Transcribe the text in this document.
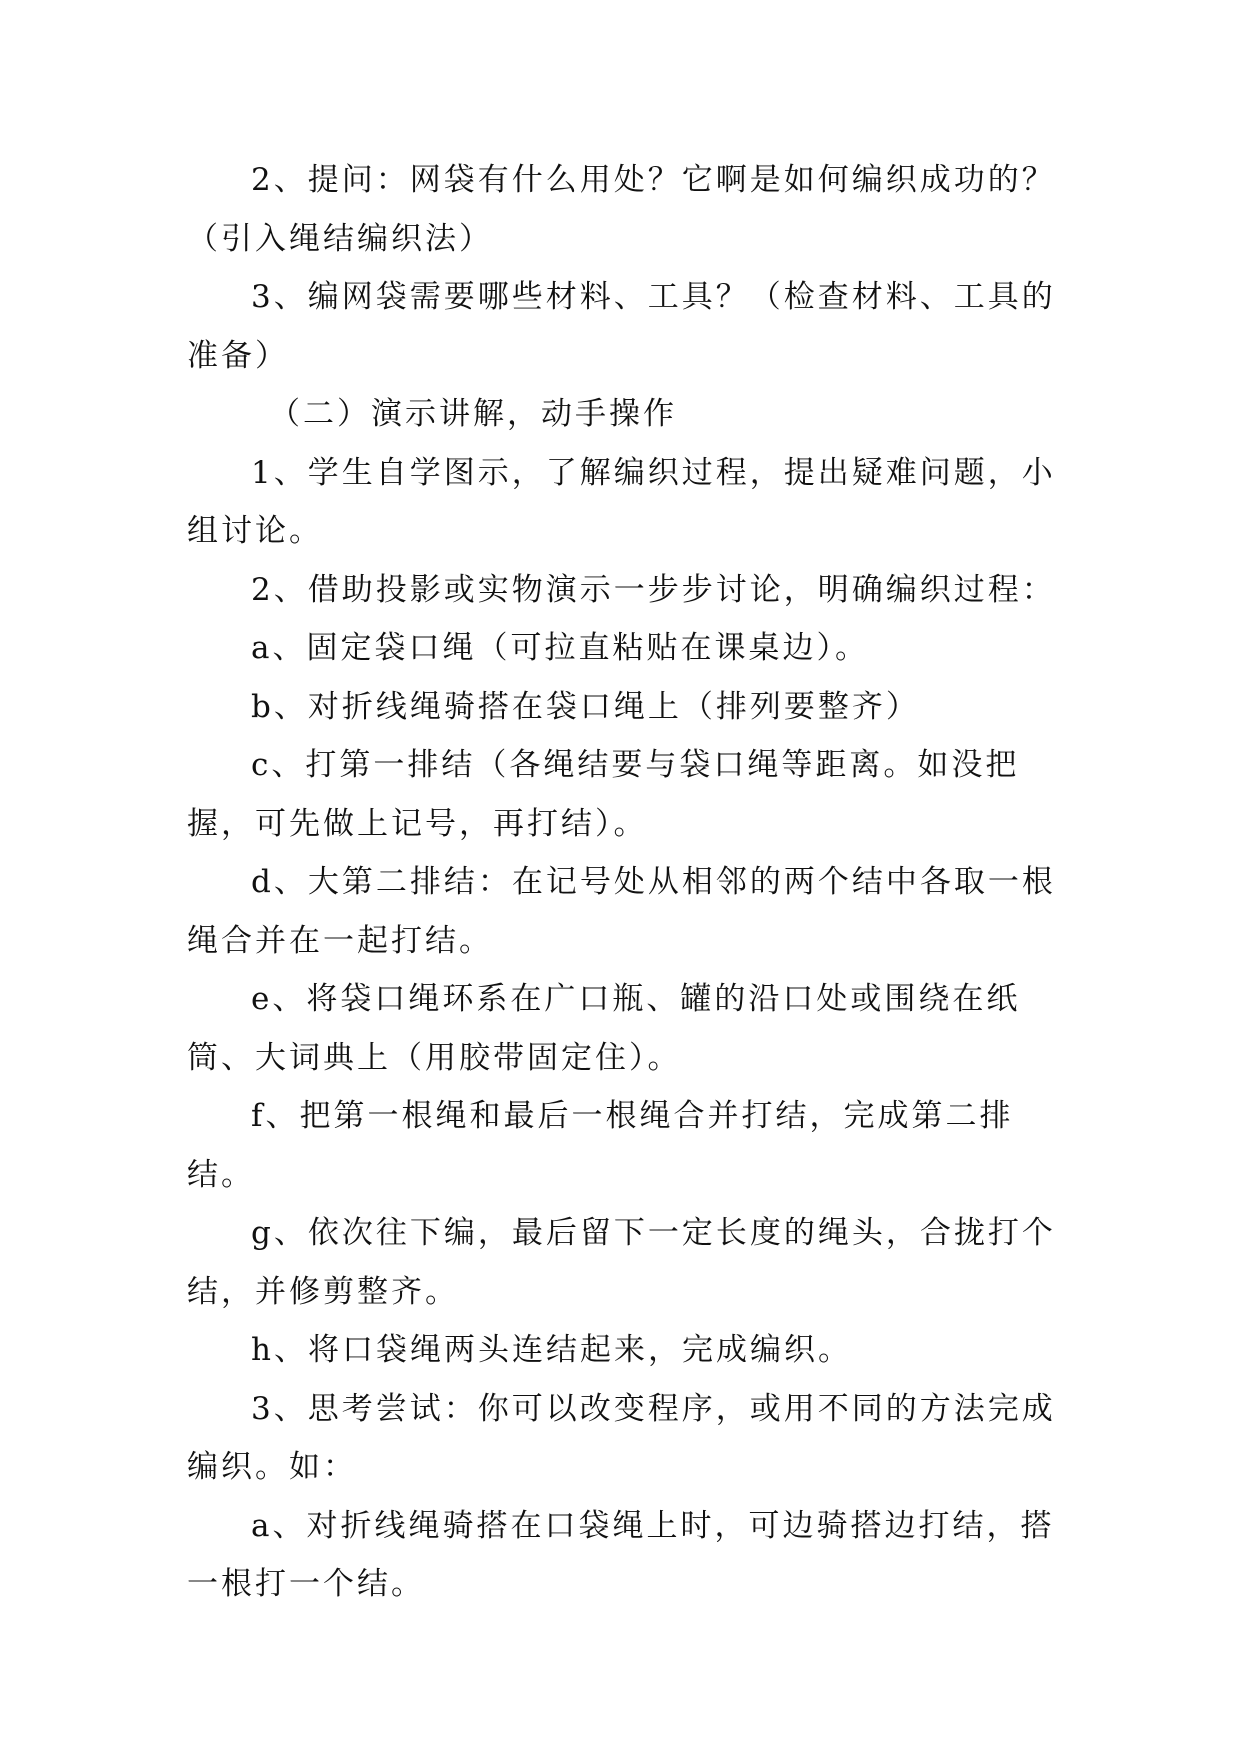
2、提问：网袋有什么用处？它啊是如何编织成功的？

（引入绳结编织法）

3、编网袋需要哪些材料、工具？（检查材料、工具的准备）

（二）演示讲解，动手操作

1、学生自学图示，了解编织过程，提出疑难问题，小组讨论。

2、借助投影或实物演示一步步讨论，明确编织过程：

a、固定袋口绳（可拉直粘贴在课桌边）。

b、对折线绳骑搭在袋口绳上（排列要整齐）

c、打第一排结（各绳结要与袋口绳等距离。如没把握，可先做上记号，再打结）。

d、大第二排结：在记号处从相邻的两个结中各取一根绳合并在一起打结。

e、将袋口绳环系在广口瓶、罐的沿口处或围绕在纸筒、大词典上（用胶带固定住）。

f、把第一根绳和最后一根绳合并打结，完成第二排结。

g、依次往下编，最后留下一定长度的绳头，合拢打个结，并修剪整齐。

h、将口袋绳两头连结起来，完成编织。

3、思考尝试：你可以改变程序，或用不同的方法完成编织。如：

a、对折线绳骑搭在口袋绳上时，可边骑搭边打结，搭一根打一个结。
